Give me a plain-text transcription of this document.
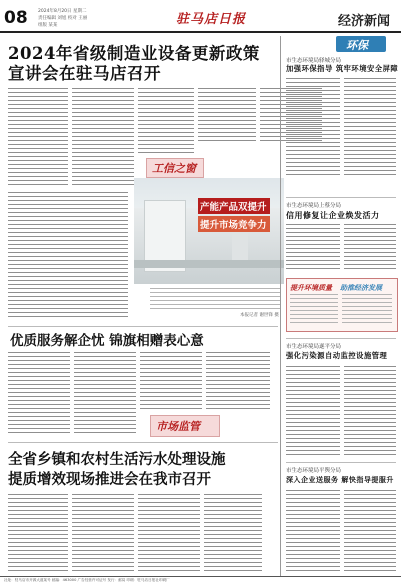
08 2024年8月20日 星期二
责任编辑 刘旭 校对 王丽
组版 某某	驻马店日报	经济新闻
2024年省级制造业设备更新政策
宣讲会在驻马店召开
工信之窗
产能产品双提升
提升市场竞争力
本报记者 谢世锋 摄
优质服务解企忧 锦旗相赠表心意
市场监管
全省乡镇和农村生活污水处理设施
提质增效现场推进会在我市召开
环保
市生态环境局驿城分局
加强环保指导 筑牢环境安全屏障
市生态环境局上蔡分局
信用修复让企业焕发活力
提升环境质量 助推经济发展
市生态环境局遂平分局
强化污染源自动监控设施管理
市生态环境局平舆分局
深入企业送服务 解快指导提服升
社址：驻马店市开源大道某号 邮编：463000 广告经营许可证号 发行：邮局 印刷：驻马店日报社印刷厂
